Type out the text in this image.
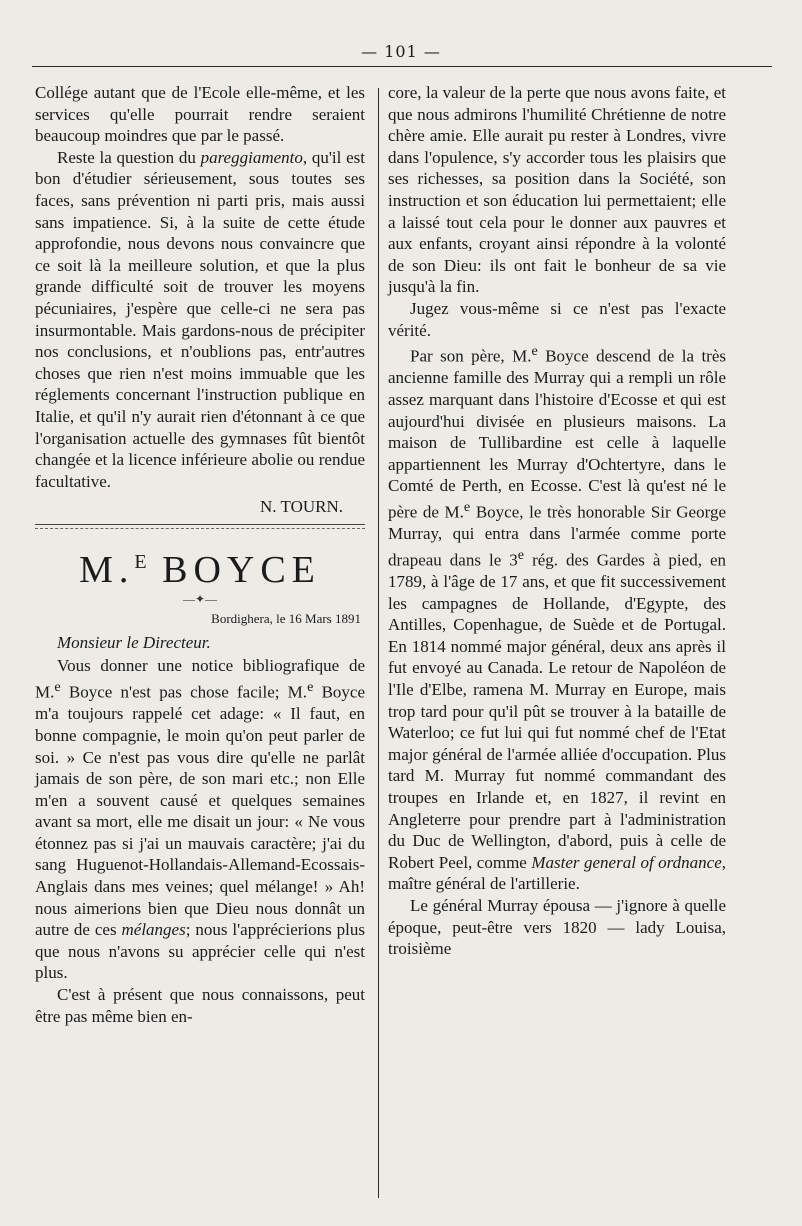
— 101 —

Collége autant que de l'Ecole elle-même, et les services qu'elle pourrait rendre seraient beaucoup moindres que par le passé.

Reste la question du pareggiamento, qu'il est bon d'étudier sérieusement, sous toutes ses faces, sans prévention ni parti pris, mais aussi sans impatience. Si, à la suite de cette étude approfondie, nous devons nous convaincre que ce soit là la meilleure solution, et que la plus grande difficulté soit de trouver les moyens pécuniaires, j'espère que celle-ci ne sera pas insurmontable. Mais gardons-nous de précipiter nos conclusions, et n'oublions pas, entr'autres choses que rien n'est moins immuable que les réglements concernant l'instruction publique en Italie, et qu'il n'y aurait rien d'étonnant à ce que l'organisation actuelle des gymnases fût bientôt changée et la licence inférieure abolie ou rendue facultative.

N. TOURN.

M.$^E$ BOYCE
—✦—

Bordighera, le 16 Mars 1891

Monsieur le Directeur.

Vous donner une notice bibliografique de M.$^e$ Boyce n'est pas chose facile; M.$^e$ Boyce m'a toujours rappelé cet adage: « Il faut, en bonne compagnie, le moin qu'on peut parler de soi. » Ce n'est pas vous dire qu'elle ne parlât jamais de son père, de son mari etc.; non Elle m'en a souvent causé et quelques semaines avant sa mort, elle me disait un jour: « Ne vous étonnez pas si j'ai un mauvais caractère; j'ai du sang Huguenot-Hollandais-Allemand-Ecossais-Anglais dans mes veines; quel mélange! » Ah! nous aimerions bien que Dieu nous donnât un autre de ces mélanges; nous l'apprécierions plus que nous n'avons su apprécier celle qui n'est plus.

C'est à présent que nous connaissons, peut être pas même bien en-

core, la valeur de la perte que nous avons faite, et que nous admirons l'humilité Chrétienne de notre chère amie. Elle aurait pu rester à Londres, vivre dans l'opulence, s'y accorder tous les plaisirs que ses richesses, sa position dans la Société, son instruction et son éducation lui permettaient; elle a laissé tout cela pour le donner aux pauvres et aux enfants, croyant ainsi répondre à la volonté de son Dieu: ils ont fait le bonheur de sa vie jusqu'à la fin.

Jugez vous-même si ce n'est pas l'exacte vérité.

Par son père, M.$^e$ Boyce descend de la très ancienne famille des Murray qui a rempli un rôle assez marquant dans l'histoire d'Ecosse et qui est aujourd'hui divisée en plusieurs maisons. La maison de Tullibardine est celle à laquelle appartiennent les Murray d'Ochtertyre, dans le Comté de Perth, en Ecosse. C'est là qu'est né le père de M.$^e$ Boyce, le très honorable Sir George Murray, qui entra dans l'armée comme porte drapeau dans le 3e rég. des Gardes à pied, en 1789, à l'âge de 17 ans, et que fit successivement les campagnes de Hollande, d'Egypte, des Antilles, Copenhague, de Suède et de Portugal. En 1814 nommé major général, deux ans après il fut envoyé au Canada. Le retour de Napoléon de l'Ile d'Elbe, ramena M. Murray en Europe, mais trop tard pour qu'il pût se trouver à la bataille de Waterloo; ce fut lui qui fut nommé chef de l'Etat major général de l'armée alliée d'occupation. Plus tard M. Murray fut nommé commandant des troupes en Irlande et, en 1827, il revint en Angleterre pour prendre part à l'administration du Duc de Wellington, d'abord, puis à celle de Robert Peel, comme Master general of ordnance, maître général de l'artillerie.

Le général Murray épousa — j'ignore à quelle époque, peut-être vers 1820 — lady Louisa, troisième
